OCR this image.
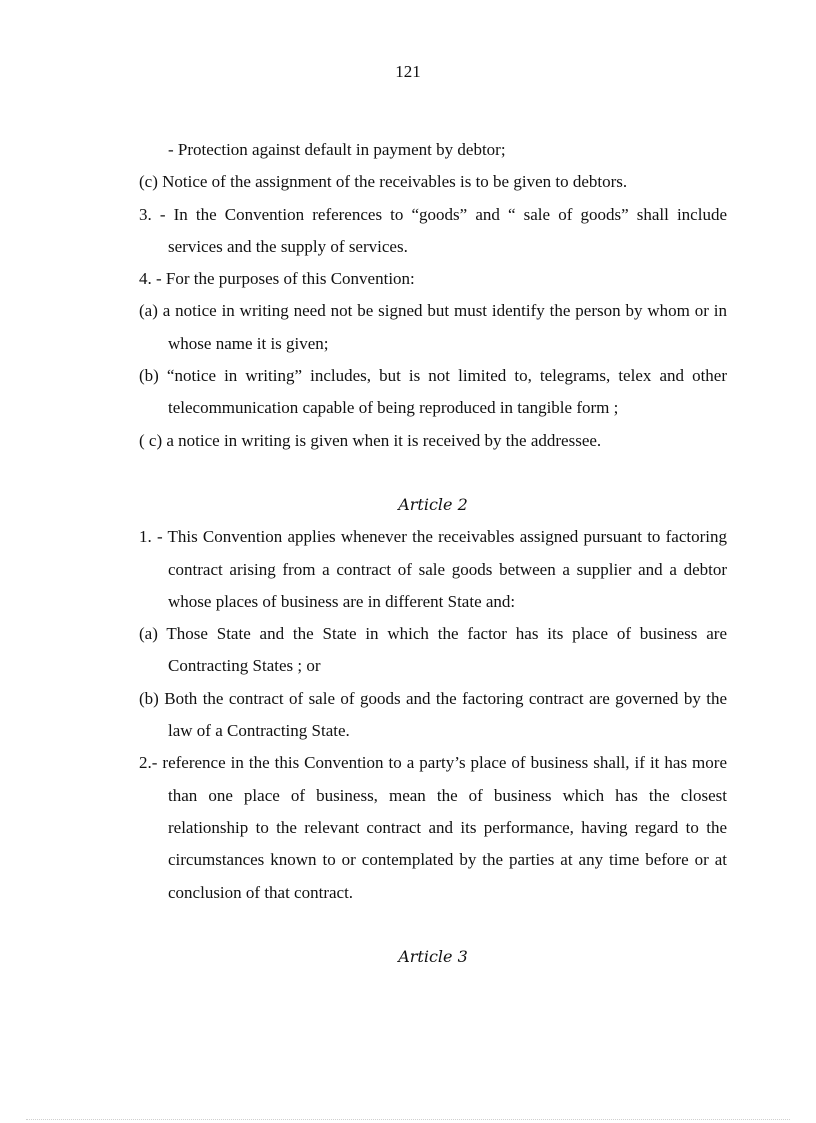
121

- Protection against default in payment by debtor;

(c) Notice of the assignment of the receivables is to be given to debtors.

3. - In the Convention references to “goods” and “ sale of goods” shall include services and the supply of services.

4. - For the purposes of this Convention:

(a) a notice in writing need not be signed but must identify the person by whom or in whose name it is given;

(b) “notice in writing” includes, but is not limited to, telegrams, telex and other telecommunication capable of being reproduced in tangible form ;

( c) a notice in writing is given when it is received by the addressee.

Article 2

1. - This Convention applies whenever the receivables assigned pursuant to factoring contract arising from a contract of sale goods between a supplier and a debtor whose places of business are in different State and:

(a) Those State and the State in which the factor has its place of business are Contracting States ; or

(b) Both the contract of sale of goods and the factoring contract are governed by the law of a Contracting State.

2.- reference in the this Convention to a party’s place of business shall, if it has more than one place of business, mean the of business which has the closest relationship to the relevant contract and its performance, having regard to the circumstances known to or contemplated by the parties at any time before or at conclusion of that contract.

Article 3
